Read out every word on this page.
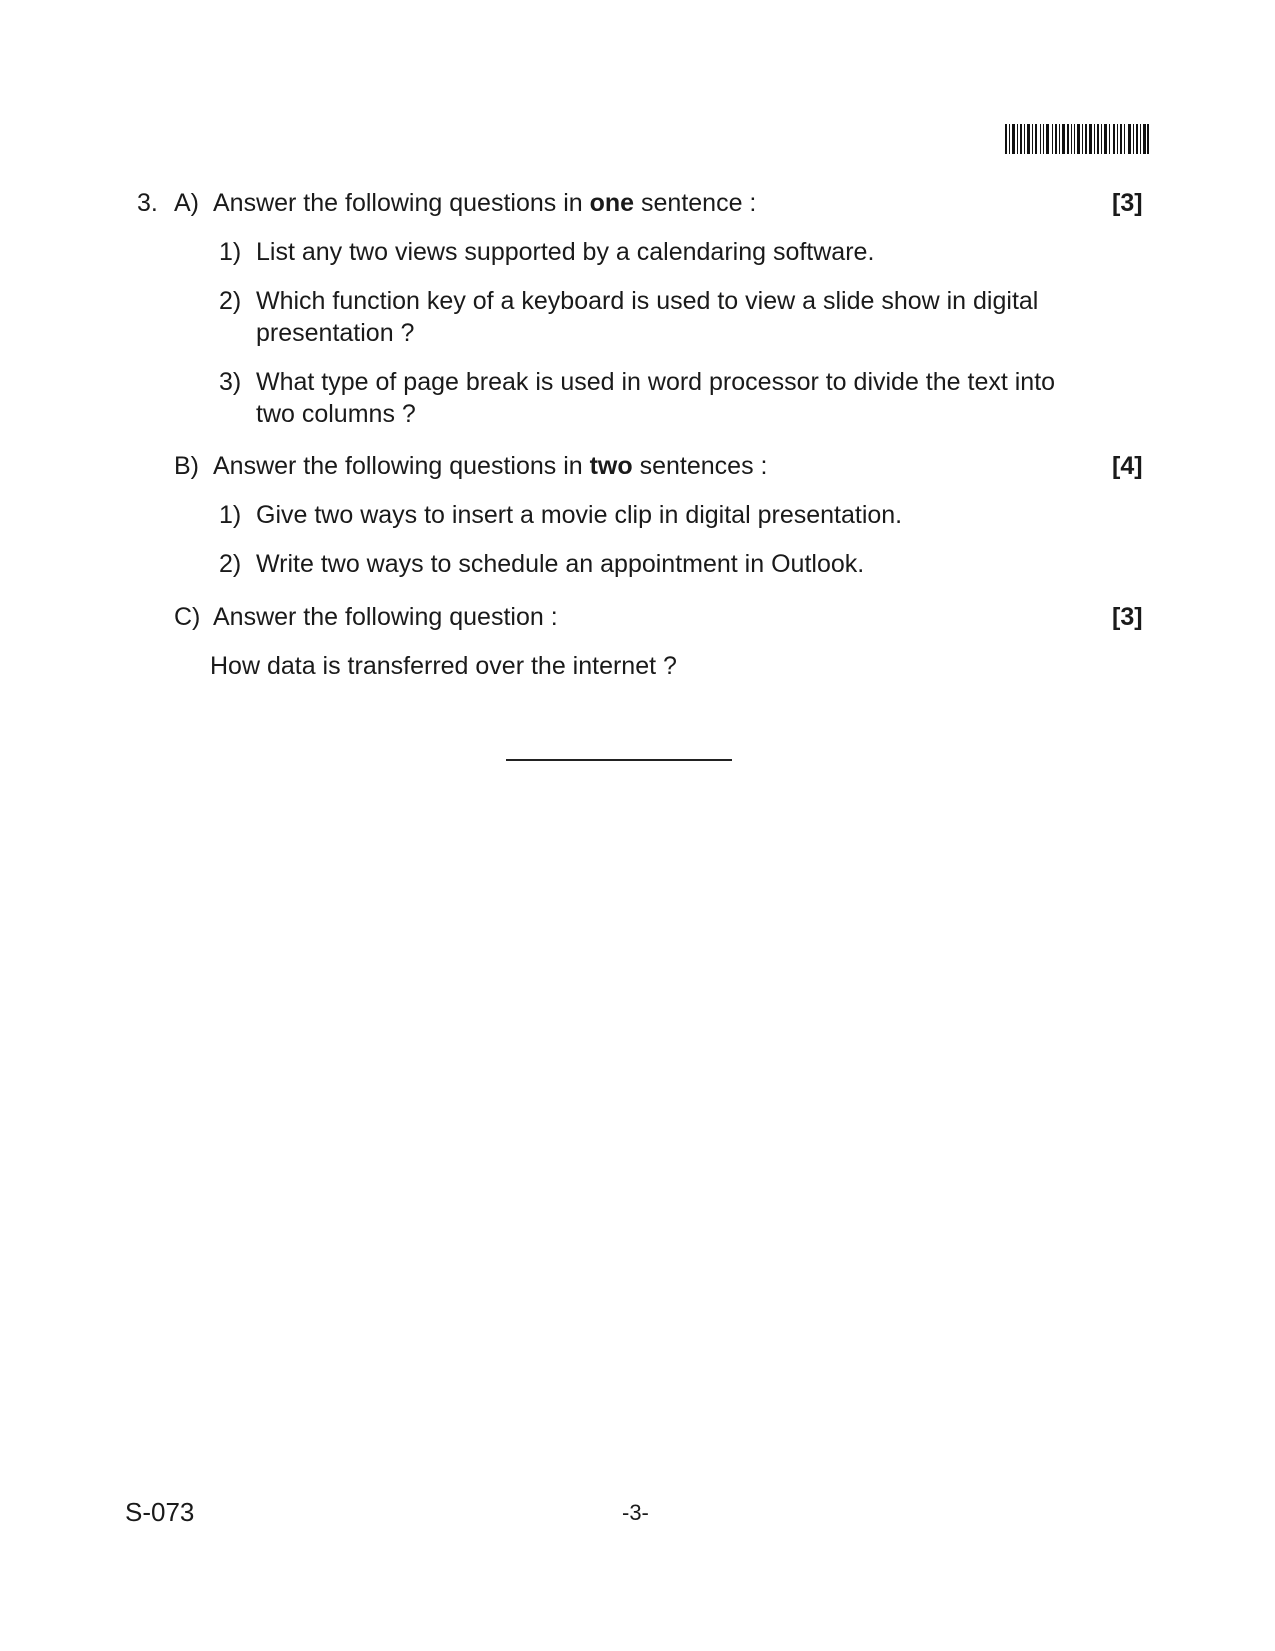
3. A) Answer the following questions in one sentence :	[3]
1) List any two views supported by a calendaring software.
2) Which function key of a keyboard is used to view a slide show in digital
presentation ?
3) What type of page break is used in word processor to divide the text into
two columns ?
B) Answer the following questions in two sentences :	[4]
1) Give two ways to insert a movie clip in digital presentation.
2) Write two ways to schedule an appointment in Outlook.
C) Answer the following question :	[3]
How data is transferred over the internet ?
S-073	-3-
